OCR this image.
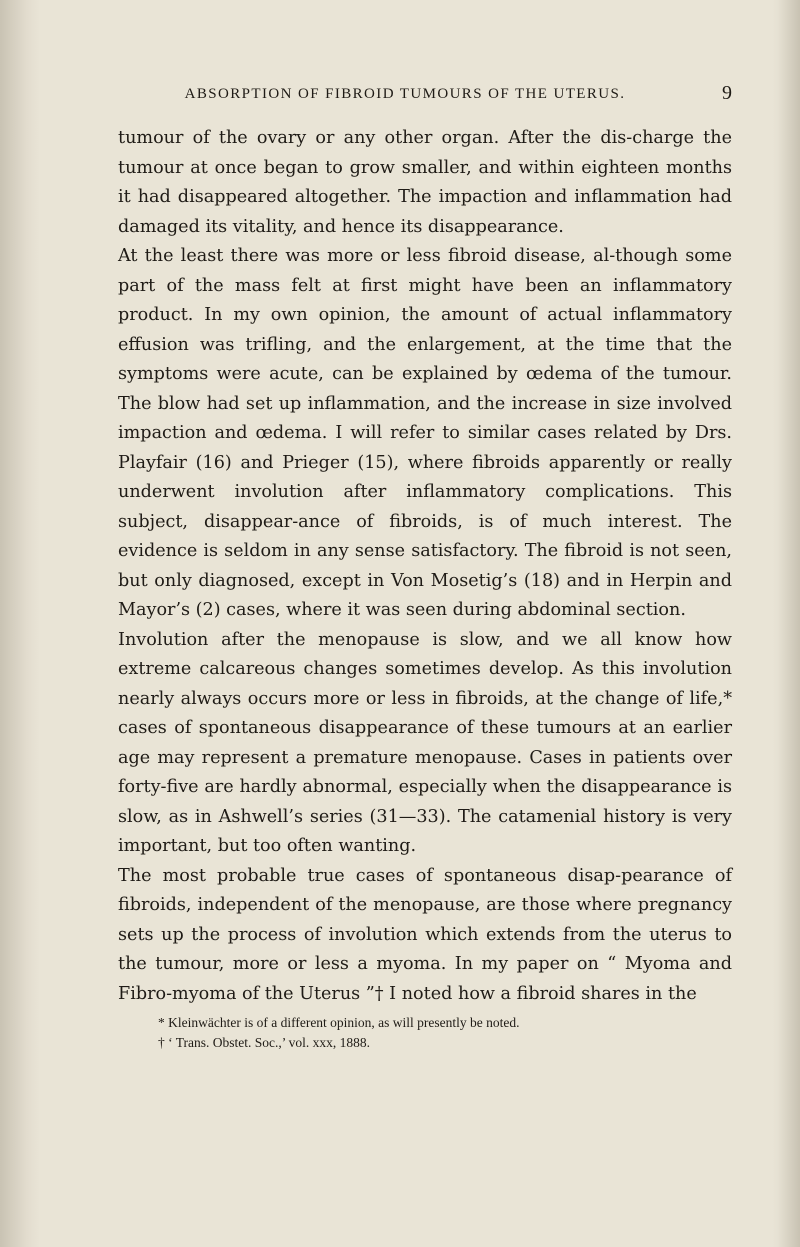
ABSORPTION OF FIBROID TUMOURS OF THE UTERUS.	9

tumour of the ovary or any other organ. After the dis-charge the tumour at once began to grow smaller, and within eighteen months it had disappeared altogether. The impaction and inflammation had damaged its vitality, and hence its disappearance.

At the least there was more or less fibroid disease, al-though some part of the mass felt at first might have been an inflammatory product. In my own opinion, the amount of actual inflammatory effusion was trifling, and the enlargement, at the time that the symptoms were acute, can be explained by œdema of the tumour. The blow had set up inflammation, and the increase in size involved impaction and œdema. I will refer to similar cases related by Drs. Playfair (16) and Prieger (15), where fibroids apparently or really underwent involution after inflammatory complications. This subject, disappear-ance of fibroids, is of much interest. The evidence is seldom in any sense satisfactory. The fibroid is not seen, but only diagnosed, except in Von Mosetig’s (18) and in Herpin and Mayor’s (2) cases, where it was seen during abdominal section.

Involution after the menopause is slow, and we all know how extreme calcareous changes sometimes develop. As this involution nearly always occurs more or less in fibroids, at the change of life,* cases of spontaneous disappearance of these tumours at an earlier age may represent a premature menopause. Cases in patients over forty-five are hardly abnormal, especially when the disappearance is slow, as in Ashwell’s series (31—33). The catamenial history is very important, but too often wanting.

The most probable true cases of spontaneous disap-pearance of fibroids, independent of the menopause, are those where pregnancy sets up the process of involution which extends from the uterus to the tumour, more or less a myoma. In my paper on “ Myoma and Fibro-myoma of the Uterus ”† I noted how a fibroid shares in the

* Kleinwächter is of a different opinion, as will presently be noted.

† ‘ Trans. Obstet. Soc.,’ vol. xxx, 1888.
